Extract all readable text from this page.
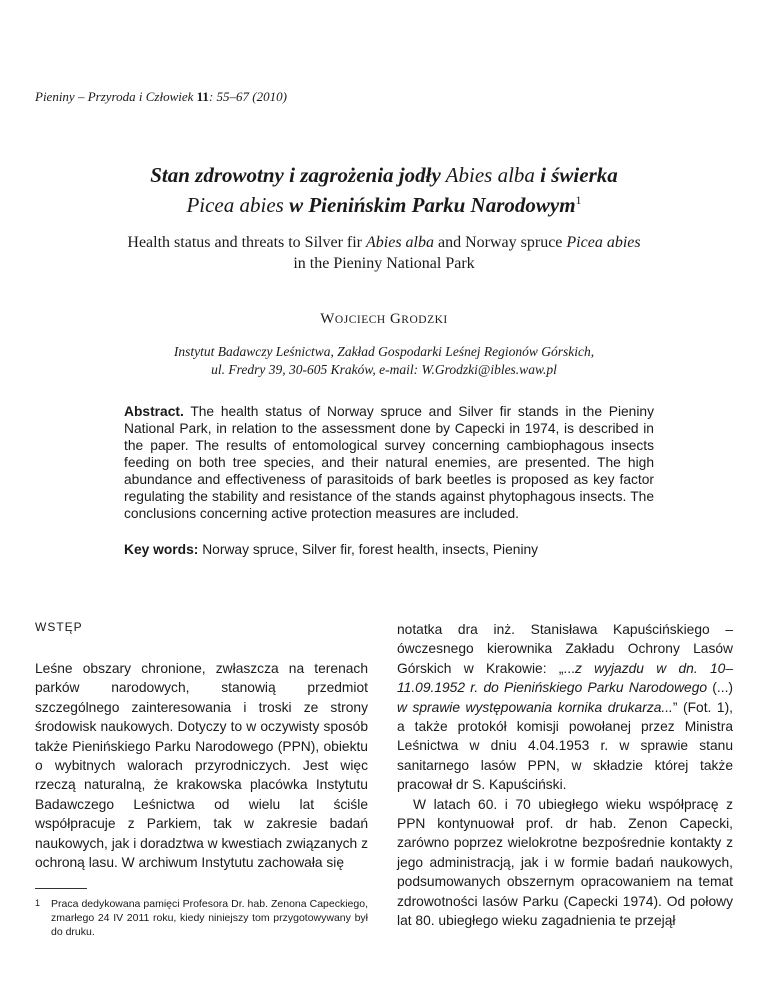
Pieniny – Przyroda i Człowiek 11: 55–67 (2010)
Stan zdrowotny i zagrożenia jodły Abies alba i świerka
Picea abies w Pienińskim Parku Narodowym$^1$
Health status and threats to Silver fir Abies alba and Norway spruce Picea abies
in the Pieniny National Park
WOJCIECH GRODZKI
Instytut Badawczy Leśnictwa, Zakład Gospodarki Leśnej Regionów Górskich,
ul. Fredry 39, 30-605 Kraków, e-mail: W.Grodzki@ibles.waw.pl
Abstract. The health status of Norway spruce and Silver fir stands in the Pieniny National Park, in relation to the assessment done by Capecki in 1974, is described in the paper. The results of entomological survey concerning cambiophagous insects feeding on both tree species, and their natural enemies, are presented. The high abundance and effectiveness of parasitoids of bark beetles is proposed as key factor regulating the stability and resistance of the stands against phytophagous insects. The conclusions concerning active protection measures are included.
Key words: Norway spruce, Silver fir, forest health, insects, Pieniny
WSTĘP

Leśne obszary chronione, zwłaszcza na terenach parków narodowych, stanowią przedmiot szczególnego zainteresowania i troski ze strony środowisk naukowych. Dotyczy to w oczywisty sposób także Pienińskiego Parku Narodowego (PPN), obiektu o wybitnych walorach przyrodniczych. Jest więc rzeczą naturalną, że krakowska placówka Instytutu Badawczego Leśnictwa od wielu lat ściśle współpracuje z Parkiem, tak w zakresie badań naukowych, jak i doradztwa w kwestiach związanych z ochroną lasu. W archiwum Instytutu zachowała się

1 Praca dedykowana pamięci Profesora Dr. hab. Zenona Capeckiego, zmarłego 24 IV 2011 roku, kiedy niniejszy tom przygotowywany był do druku.

notatka dra inż. Stanisława Kapuścińskiego – ówczesnego kierownika Zakładu Ochrony Lasów Górskich w Krakowie: „...z wyjazdu w dn. 10–11.09.1952 r. do Pienińskiego Parku Narodowego (...) w sprawie występowania kornika drukarza...” (Fot. 1), a także protokół komisji powołanej przez Ministra Leśnictwa w dniu 4.04.1953 r. w sprawie stanu sanitarnego lasów PPN, w składzie której także pracował dr S. Kapuściński.

W latach 60. i 70 ubiegłego wieku współpracę z PPN kontynuował prof. dr hab. Zenon Capecki, zarówno poprzez wielokrotne bezpośrednie kontakty z jego administracją, jak i w formie badań naukowych, podsumowanych obszernym opracowaniem na temat zdrowotności lasów Parku (Capecki 1974). Od połowy lat 80. ubiegłego wieku zagadnienia te przejął
